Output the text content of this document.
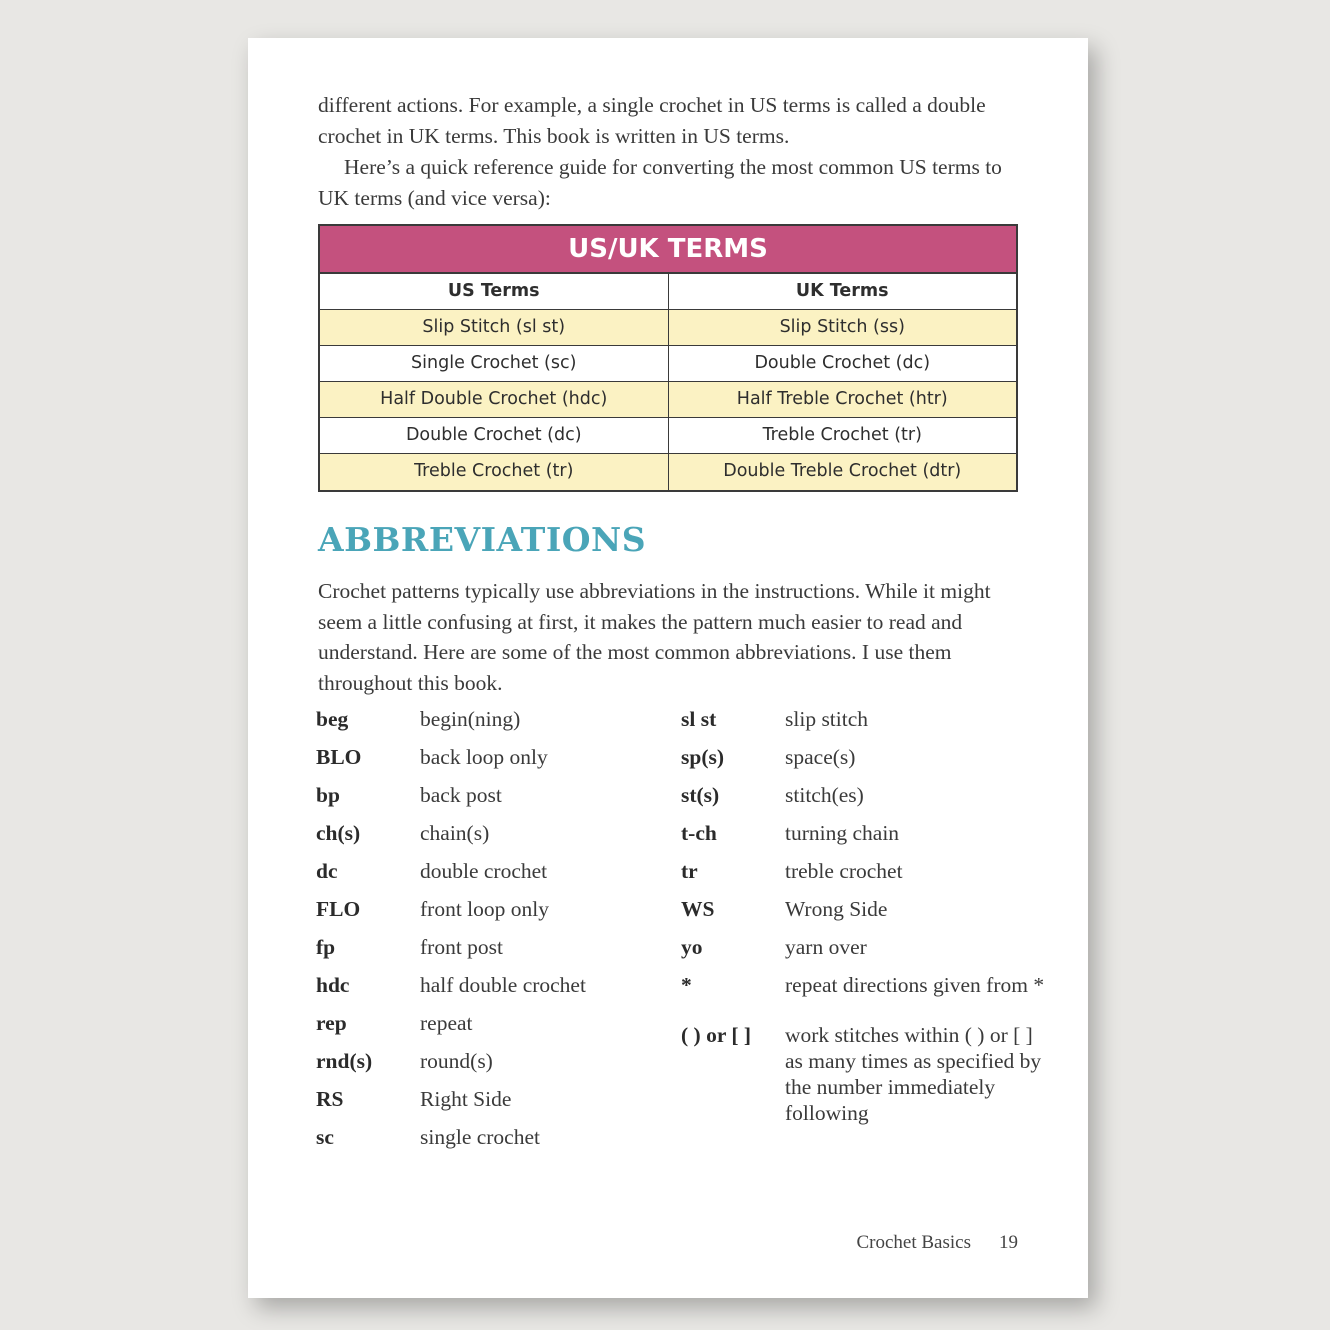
different actions. For example, a single crochet in US terms is called a double crochet in UK terms. This book is written in US terms.

Here’s a quick reference guide for converting the most common US terms to UK terms (and vice versa):

US/UK TERMS
US Terms	UK Terms
Slip Stitch (sl st)	Slip Stitch (ss)
Single Crochet (sc)	Double Crochet (dc)
Half Double Crochet (hdc)	Half Treble Crochet (htr)
Double Crochet (dc)	Treble Crochet (tr)
Treble Crochet (tr)	Double Treble Crochet (dtr)
ABBREVIATIONS

Crochet patterns typically use abbreviations in the instructions. While it might seem a little confusing at first, it makes the pattern much easier to read and understand. Here are some of the most common abbreviations. I use them throughout this book.

beg	begin(ning)
BLO	back loop only
bp	back post
ch(s)	chain(s)
dc	double crochet
FLO	front loop only
fp	front post
hdc	half double crochet
rep	repeat
rnd(s)	round(s)
RS	Right Side
sc	single crochet
sl st	slip stitch
sp(s)	space(s)
st(s)	stitch(es)
t-ch	turning chain
tr	treble crochet
WS	Wrong Side
yo	yarn over
*	repeat directions given from *
( ) or [ ]	work stitches within ( ) or [ ] as many times as specified by the number immediately following
Crochet Basics 19
